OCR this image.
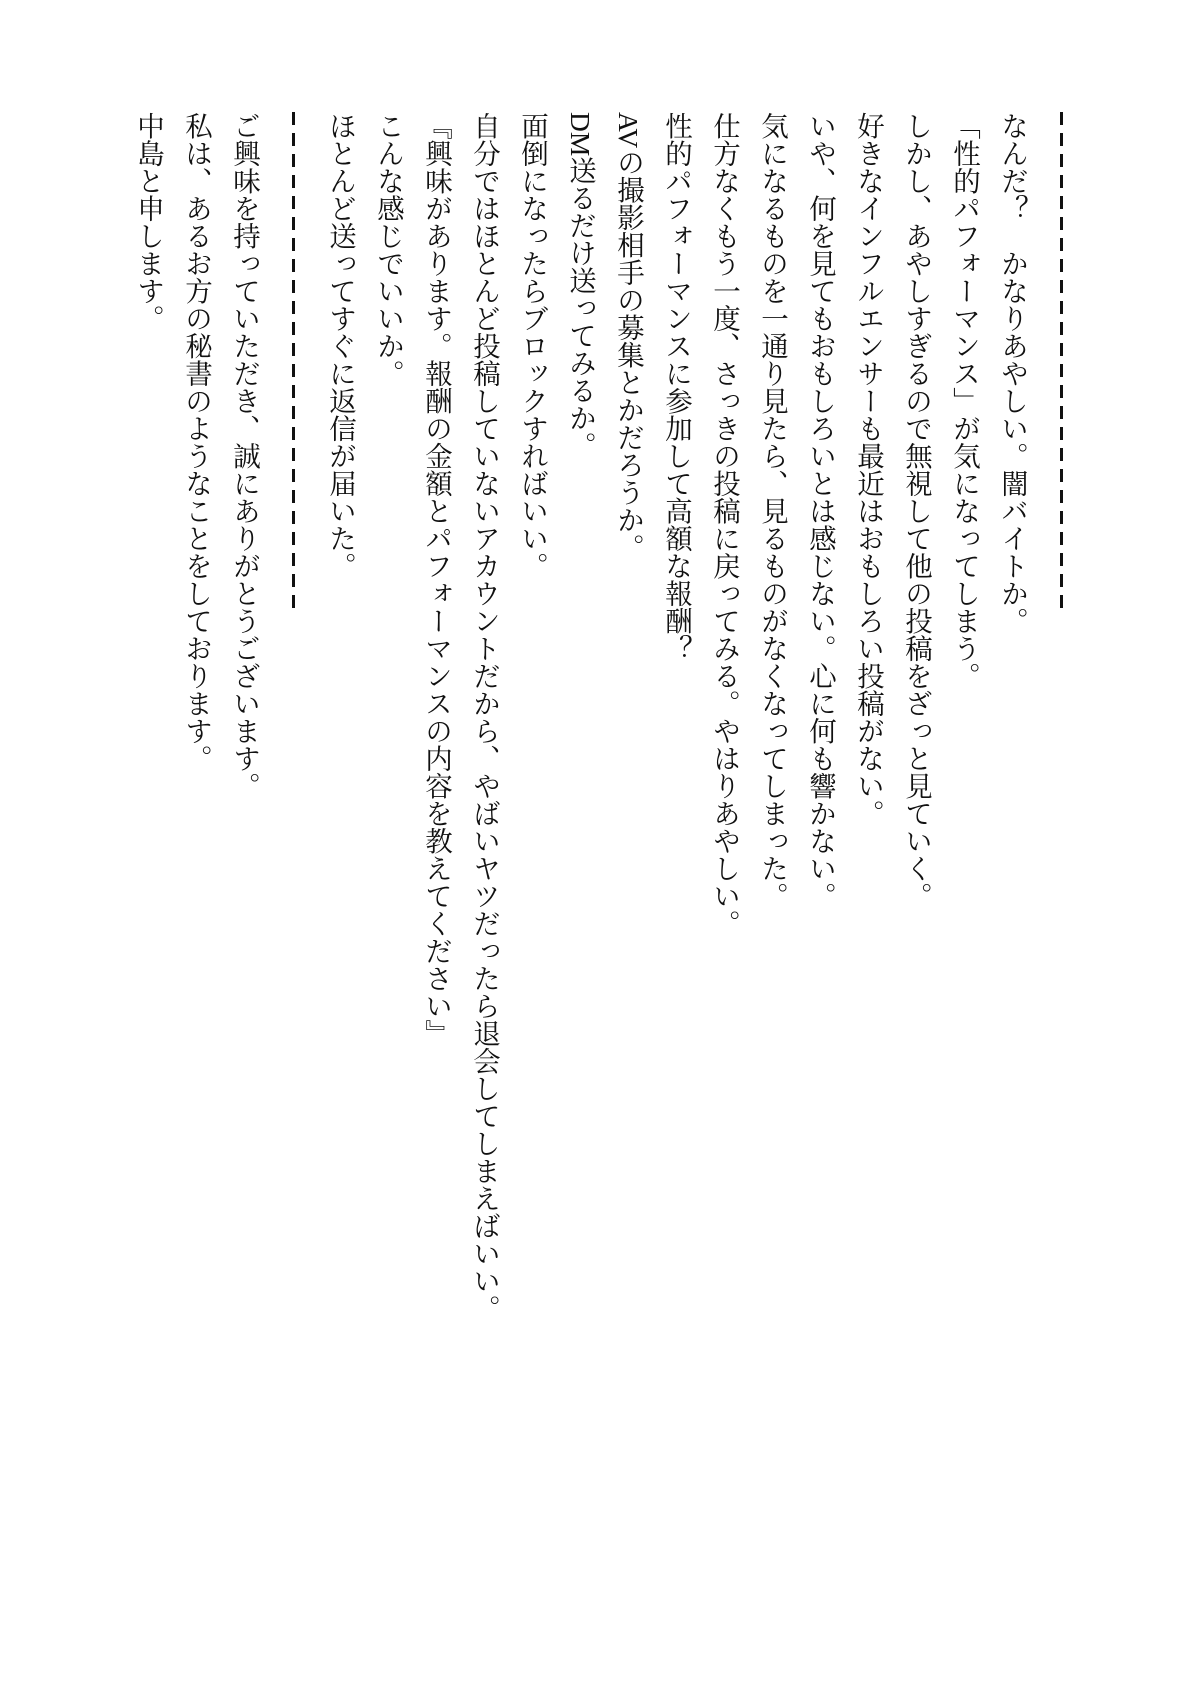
なんだ？　かなりあやしい。闇バイトか。

「性的パフォーマンス」が気になってしまう。

しかし、あやしすぎるので無視して他の投稿をざっと見ていく。

好きなインフルエンサーも最近はおもしろい投稿がない。

いや、何を見てもおもしろいとは感じない。心に何も響かない。

気になるものを一通り見たら、見るものがなくなってしまった。

仕方なくもう一度、さっきの投稿に戻ってみる。やはりあやしい。

性的パフォーマンスに参加して高額な報酬？

AVの撮影相手の募集とかだろうか。

DM送るだけ送ってみるか。

面倒になったらブロックすればいい。

自分ではほとんど投稿していないアカウントだから、やばいヤツだったら退会してしまえばいい。

『興味があります。報酬の金額とパフォーマンスの内容を教えてください』

こんな感じでいいか。

ほとんど送ってすぐに返信が届いた。

ご興味を持っていただき、誠にありがとうございます。

私は、あるお方の秘書のようなことをしております。

中島と申します。
